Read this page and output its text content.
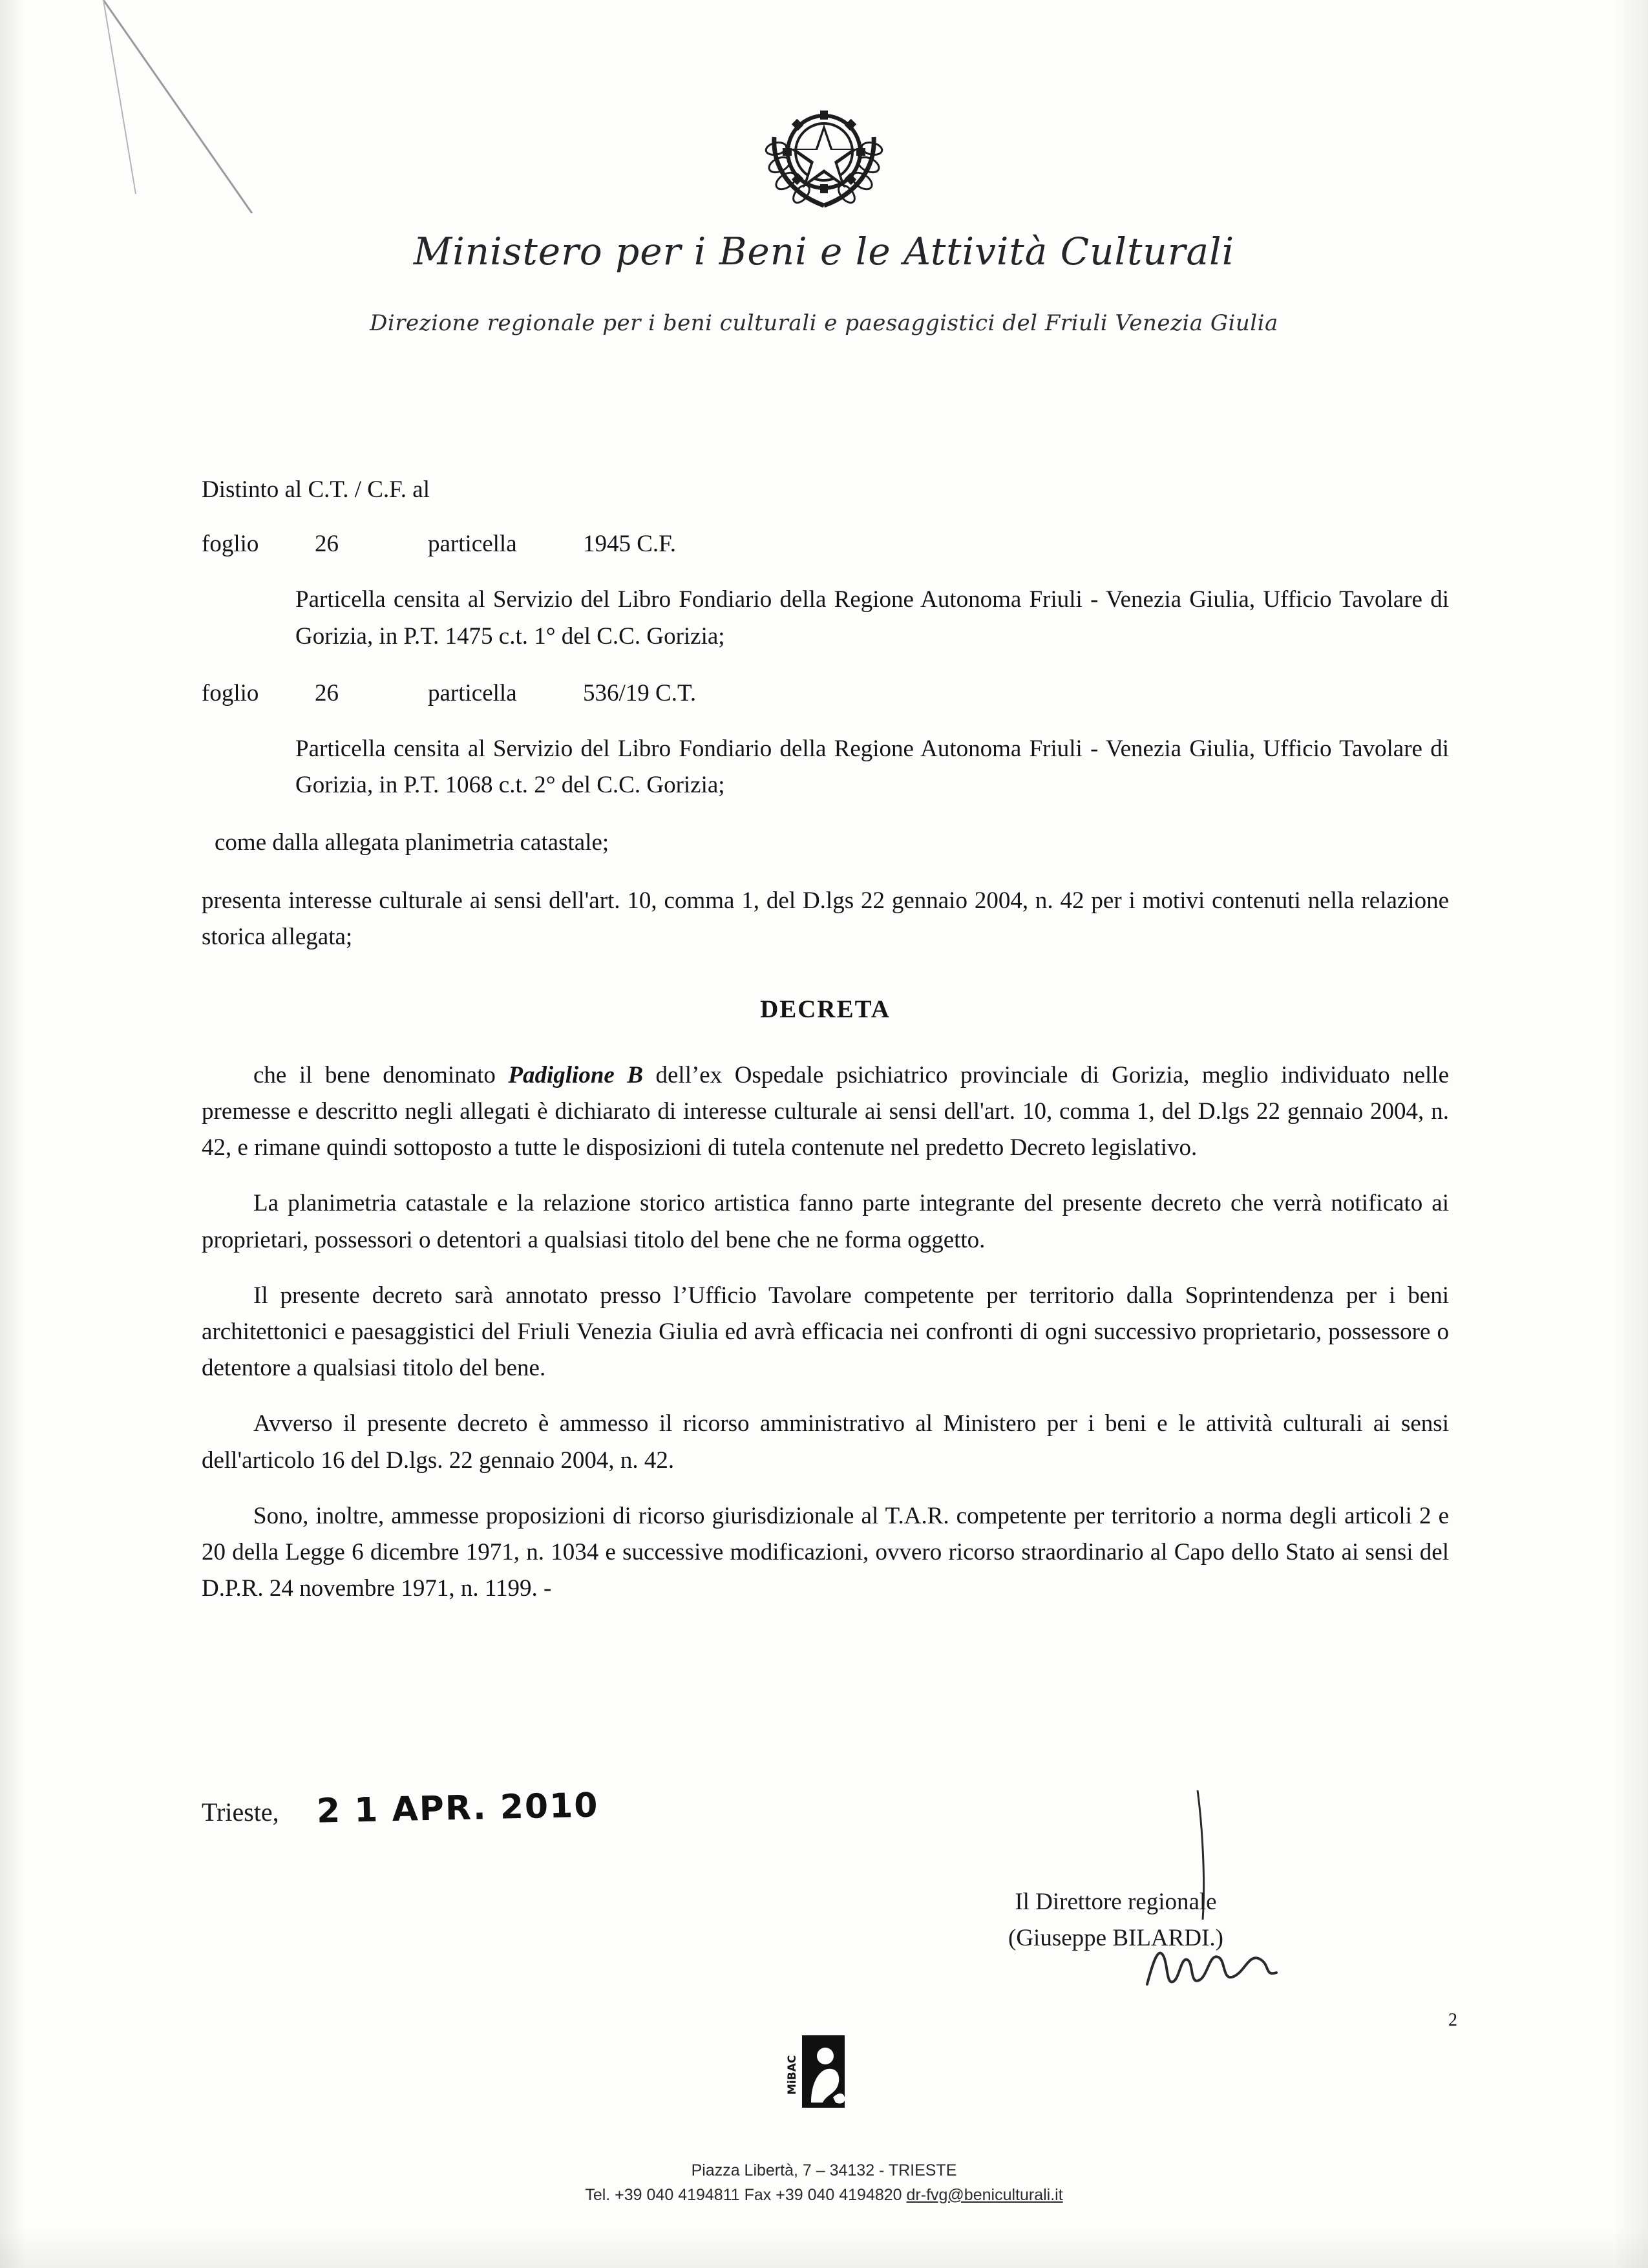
Ministero per i Beni e le Attività Culturali
Direzione regionale per i beni culturali e paesaggistici del Friuli Venezia Giulia
Distinto al C.T. / C.F. al
foglio	26	particella	1945 C.F.
Particella censita al Servizio del Libro Fondiario della Regione Autonoma Friuli - Venezia Giulia, Ufficio Tavolare di Gorizia, in P.T. 1475 c.t. 1° del C.C. Gorizia;
foglio	26	particella	536/19 C.T.
Particella censita al Servizio del Libro Fondiario della Regione Autonoma Friuli - Venezia Giulia, Ufficio Tavolare di Gorizia, in P.T. 1068 c.t. 2° del C.C. Gorizia;
come dalla allegata planimetria catastale;
presenta interesse culturale ai sensi dell'art. 10, comma 1, del D.lgs 22 gennaio 2004, n. 42 per i motivi contenuti nella relazione storica allegata;
DECRETA
che il bene denominato Padiglione B dell’ex Ospedale psichiatrico provinciale di Gorizia, meglio individuato nelle premesse e descritto negli allegati è dichiarato di interesse culturale ai sensi dell'art. 10, comma 1, del D.lgs 22 gennaio 2004, n. 42, e rimane quindi sottoposto a tutte le disposizioni di tutela contenute nel predetto Decreto legislativo.
La planimetria catastale e la relazione storico artistica fanno parte integrante del presente decreto che verrà notificato ai proprietari, possessori o detentori a qualsiasi titolo del bene che ne forma oggetto.
Il presente decreto sarà annotato presso l’Ufficio Tavolare competente per territorio dalla Soprintendenza per i beni architettonici e paesaggistici del Friuli Venezia Giulia ed avrà efficacia nei confronti di ogni successivo proprietario, possessore o detentore a qualsiasi titolo del bene.
Avverso il presente decreto è ammesso il ricorso amministrativo al Ministero per i beni e le attività culturali ai sensi dell'articolo 16 del D.lgs. 22 gennaio 2004, n. 42.
Sono, inoltre, ammesse proposizioni di ricorso giurisdizionale al T.A.R. competente per territorio a norma degli articoli 2 e 20 della Legge 6 dicembre 1971, n. 1034 e successive modificazioni, ovvero ricorso straordinario al Capo dello Stato ai sensi del D.P.R. 24 novembre 1971, n. 1199. -
Trieste, 2 1 APR. 2010
Il Direttore regionale
(Giuseppe BILARDI.)
2
MiBAC
Piazza Libertà, 7 – 34132 - TRIESTE
Tel. +39 040 4194811 Fax +39 040 4194820 dr-fvg@beniculturali.it
